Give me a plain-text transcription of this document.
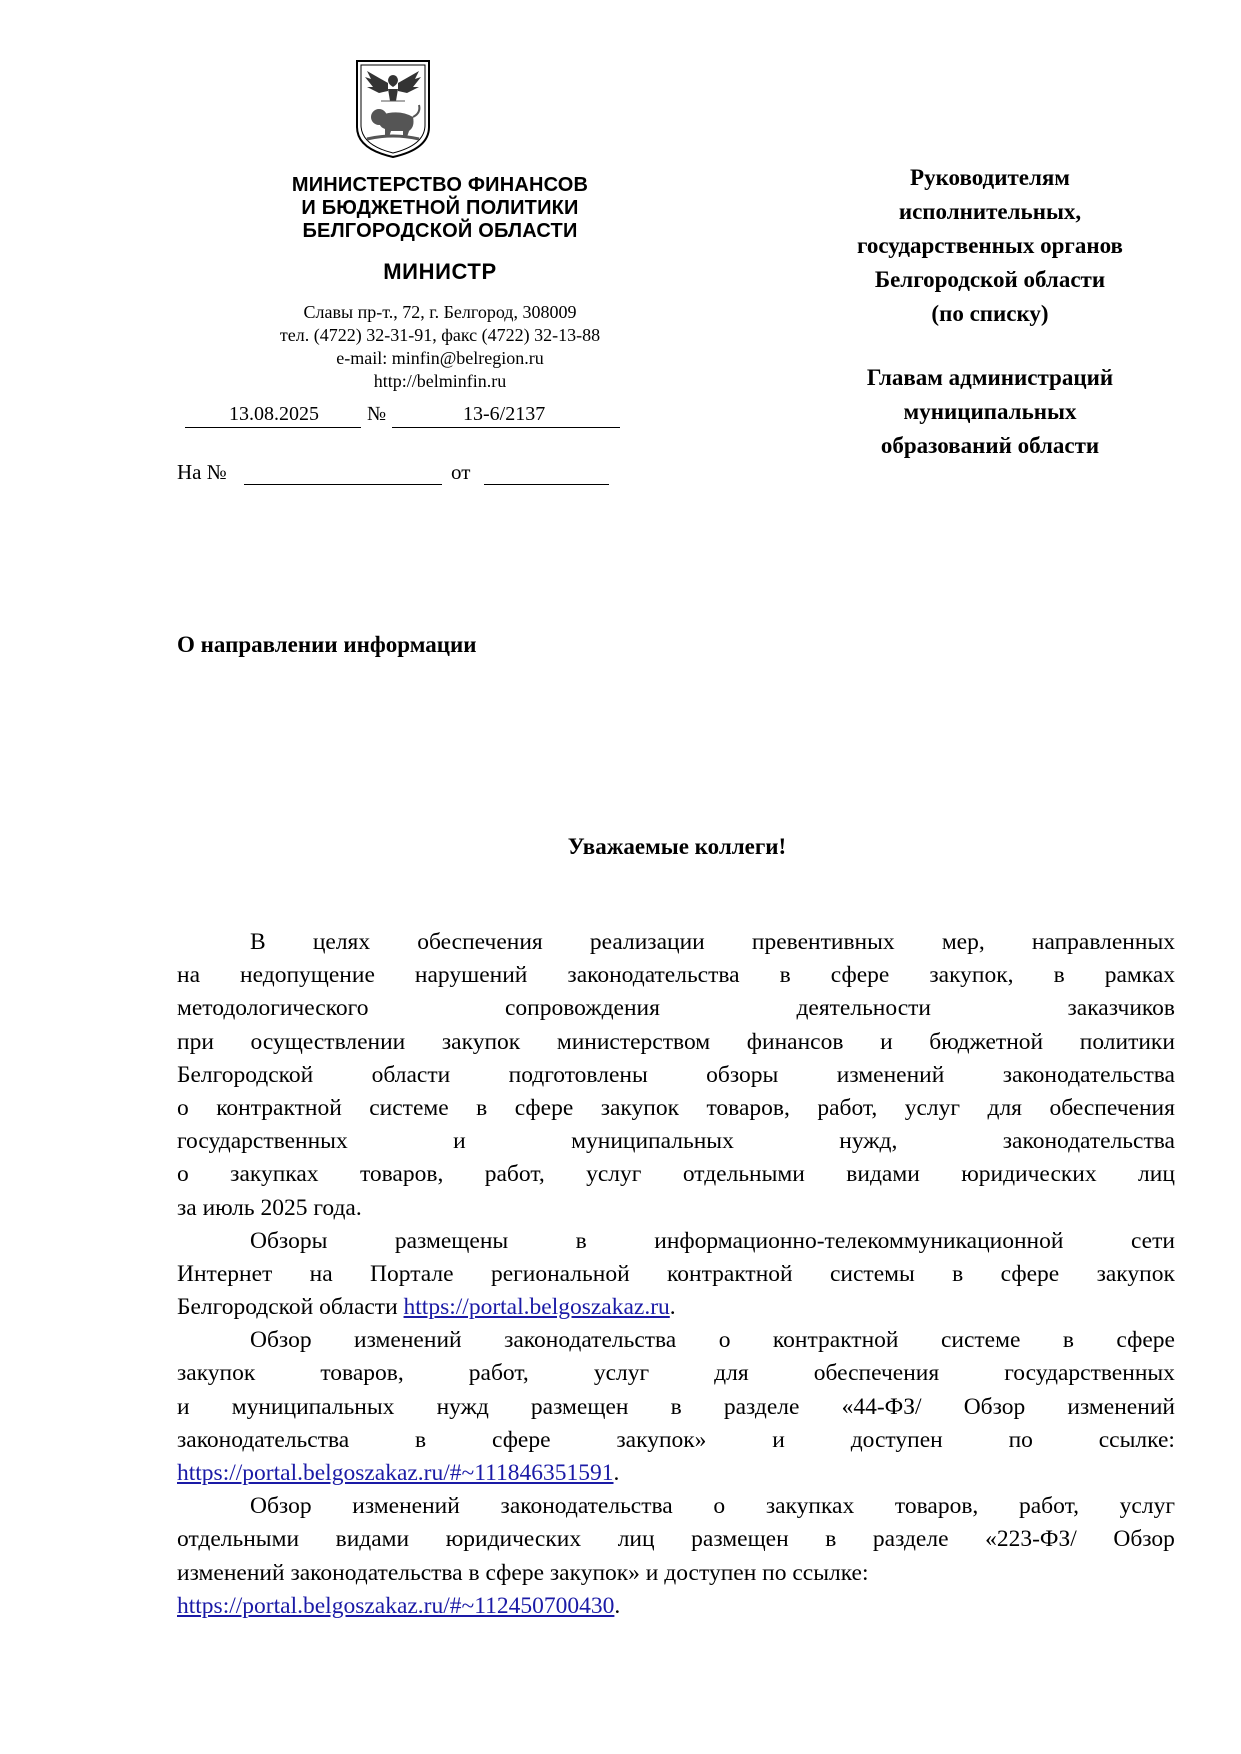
МИНИСТЕРСТВО ФИНАНСОВ
И БЮДЖЕТНОЙ ПОЛИТИКИ
БЕЛГОРОДСКОЙ ОБЛАСТИ
МИНИСТР
Славы пр-т., 72, г. Белгород, 308009
тел. (4722) 32-31-91, факс (4722) 32-13-88
e-mail: minfin@belregion.ru
http://belminfin.ru
13.08.2025 №	13-6/2137
На №	от
Руководителям
исполнительных,
государственных органов
Белгородской области
(по списку)
Главам администраций
муниципальных
образований области
О направлении информации
Уважаемые коллеги!
В целях обеспечения реализации превентивных мер, направленных
на недопущение нарушений законодательства в сфере закупок, в рамках
методологического	сопровождения	деятельности	заказчиков
при осуществлении закупок министерством финансов и бюджетной политики
Белгородской области подготовлены обзоры изменений законодательства
о контрактной системе в сфере закупок товаров, работ, услуг для обеспечения
государственных	и	муниципальных	нужд,	законодательства
о закупках товаров, работ, услуг отдельными видами юридических лиц
за июль 2025 года.
Обзоры	размещены	в	информационно-телекоммуникационной	сети
Интернет на Портале региональной контрактной системы в сфере закупок
Белгородской области https://portal.belgoszakaz.ru .
Обзор изменений законодательства о контрактной системе в сфере
закупок	товаров,	работ,	услуг	для	обеспечения	государственных
и муниципальных нужд размещен в разделе «44-ФЗ/ Обзор изменений
законодательства	в	сфере	закупок»	и	доступен	по	ссылке:
https://portal.belgoszakaz.ru/#~111846351591 .
Обзор изменений законодательства о закупках товаров, работ, услуг
отдельными видами юридических лиц размещен в разделе «223-ФЗ/ Обзор
изменений законодательства в сфере закупок» и доступен по ссылке:
https://portal.belgoszakaz.ru/#~112450700430 .
